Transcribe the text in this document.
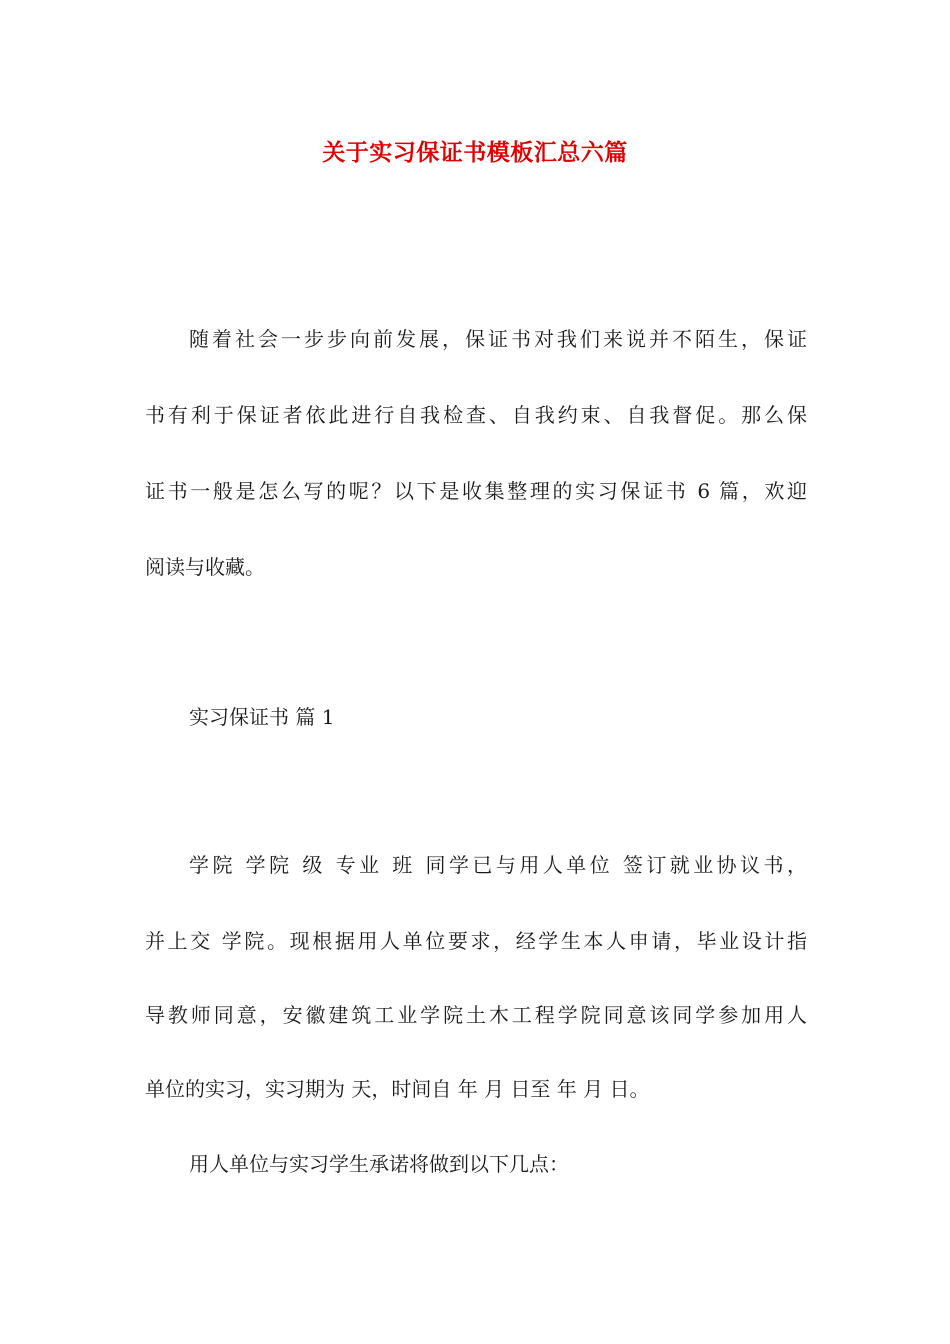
关于实习保证书模板汇总六篇
随着社会一步步向前发展，保证书对我们来说并不陌生，保证
书有利于保证者依此进行自我检查、自我约束、自我督促。那么保
证书一般是怎么写的呢？以下是收集整理的实习保证书 6 篇，欢迎
阅读与收藏。
实习保证书 篇 1
学院 学院 级 专业 班 同学已与用人单位 签订就业协议书，
并上交 学院。现根据用人单位要求，经学生本人申请，毕业设计指
导教师同意，安徽建筑工业学院土木工程学院同意该同学参加用人
单位的实习，实习期为 天，时间自 年 月 日至 年 月 日。
用人单位与实习学生承诺将做到以下几点：
